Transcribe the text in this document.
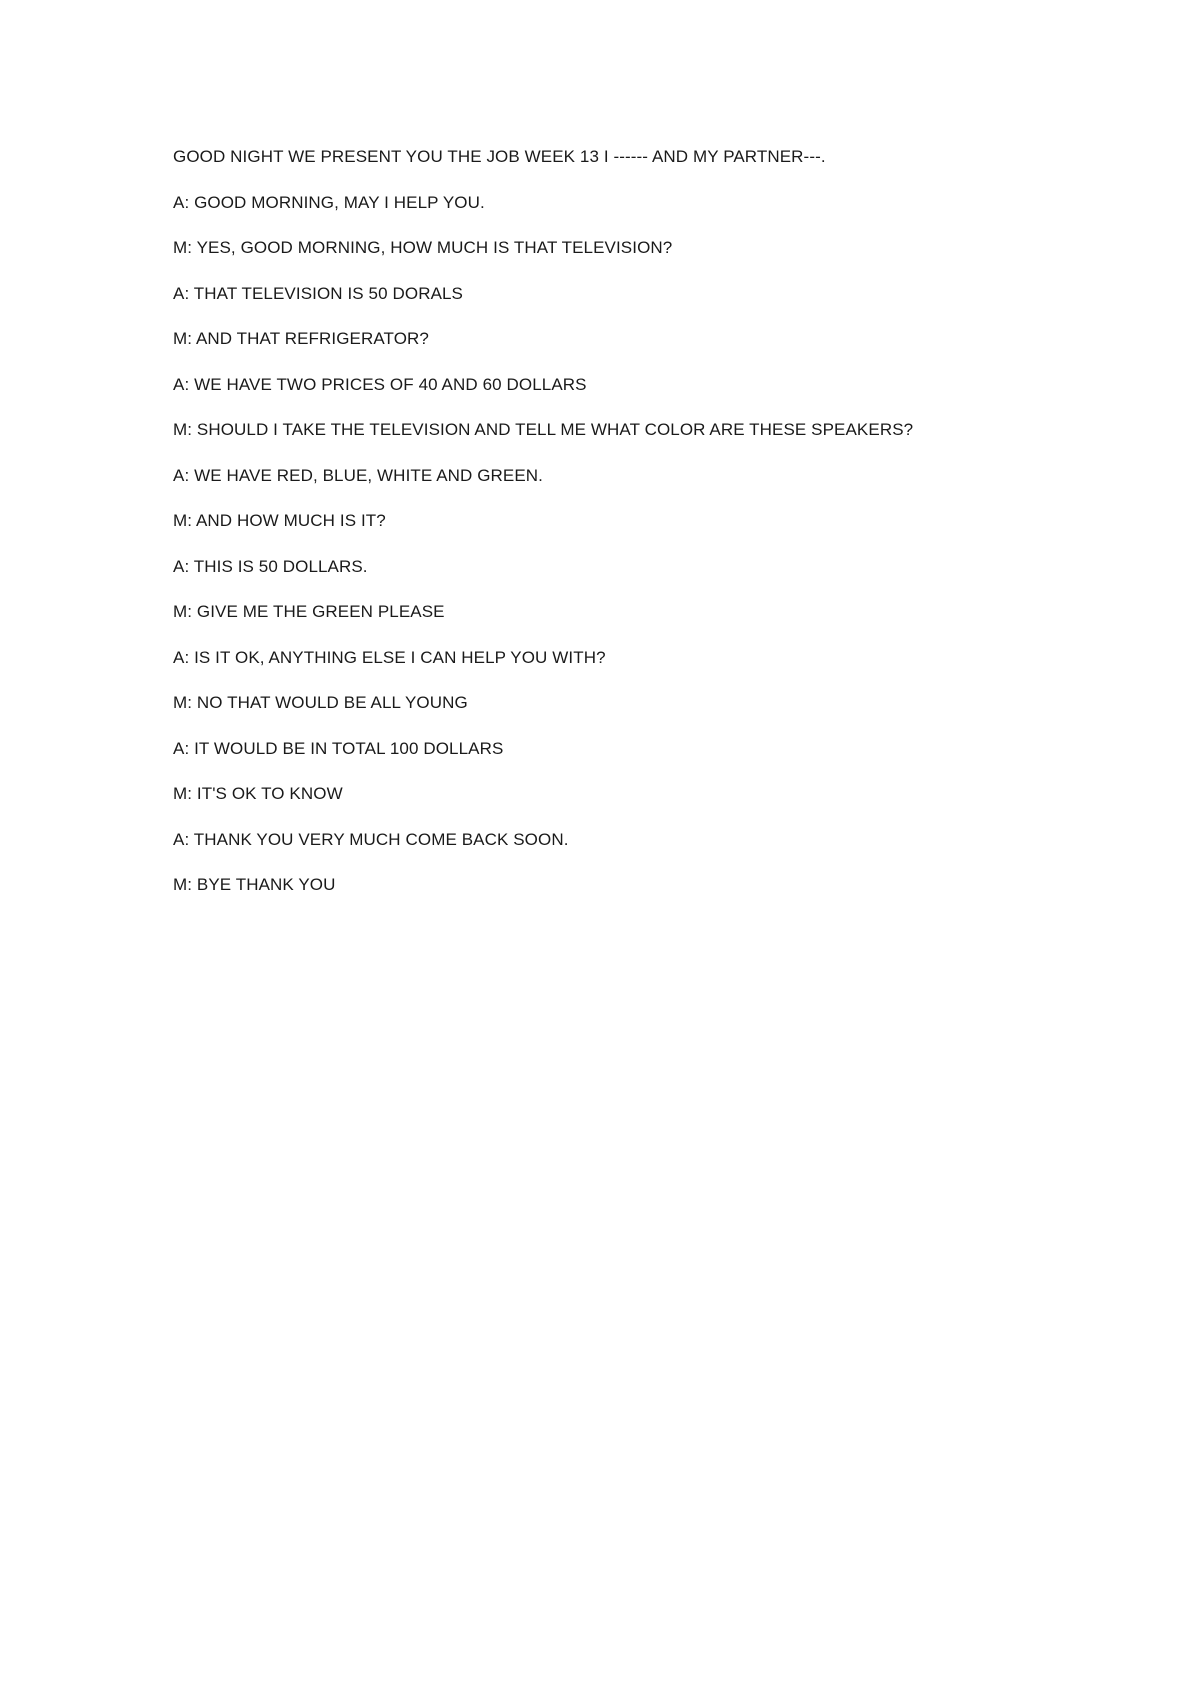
GOOD NIGHT WE PRESENT YOU THE JOB WEEK 13 I ------ AND MY PARTNER---.

A: GOOD MORNING, MAY I HELP YOU.

M: YES, GOOD MORNING, HOW MUCH IS THAT TELEVISION?

A: THAT TELEVISION IS 50 DORALS

M: AND THAT REFRIGERATOR?

A: WE HAVE TWO PRICES OF 40 AND 60 DOLLARS

M: SHOULD I TAKE THE TELEVISION AND TELL ME WHAT COLOR ARE THESE SPEAKERS?

A: WE HAVE RED, BLUE, WHITE AND GREEN.

M: AND HOW MUCH IS IT?

A: THIS IS 50 DOLLARS.

M: GIVE ME THE GREEN PLEASE

A: IS IT OK, ANYTHING ELSE I CAN HELP YOU WITH?

M: NO THAT WOULD BE ALL YOUNG

A: IT WOULD BE IN TOTAL 100 DOLLARS

M: IT'S OK TO KNOW

A: THANK YOU VERY MUCH COME BACK SOON.

M: BYE THANK YOU
